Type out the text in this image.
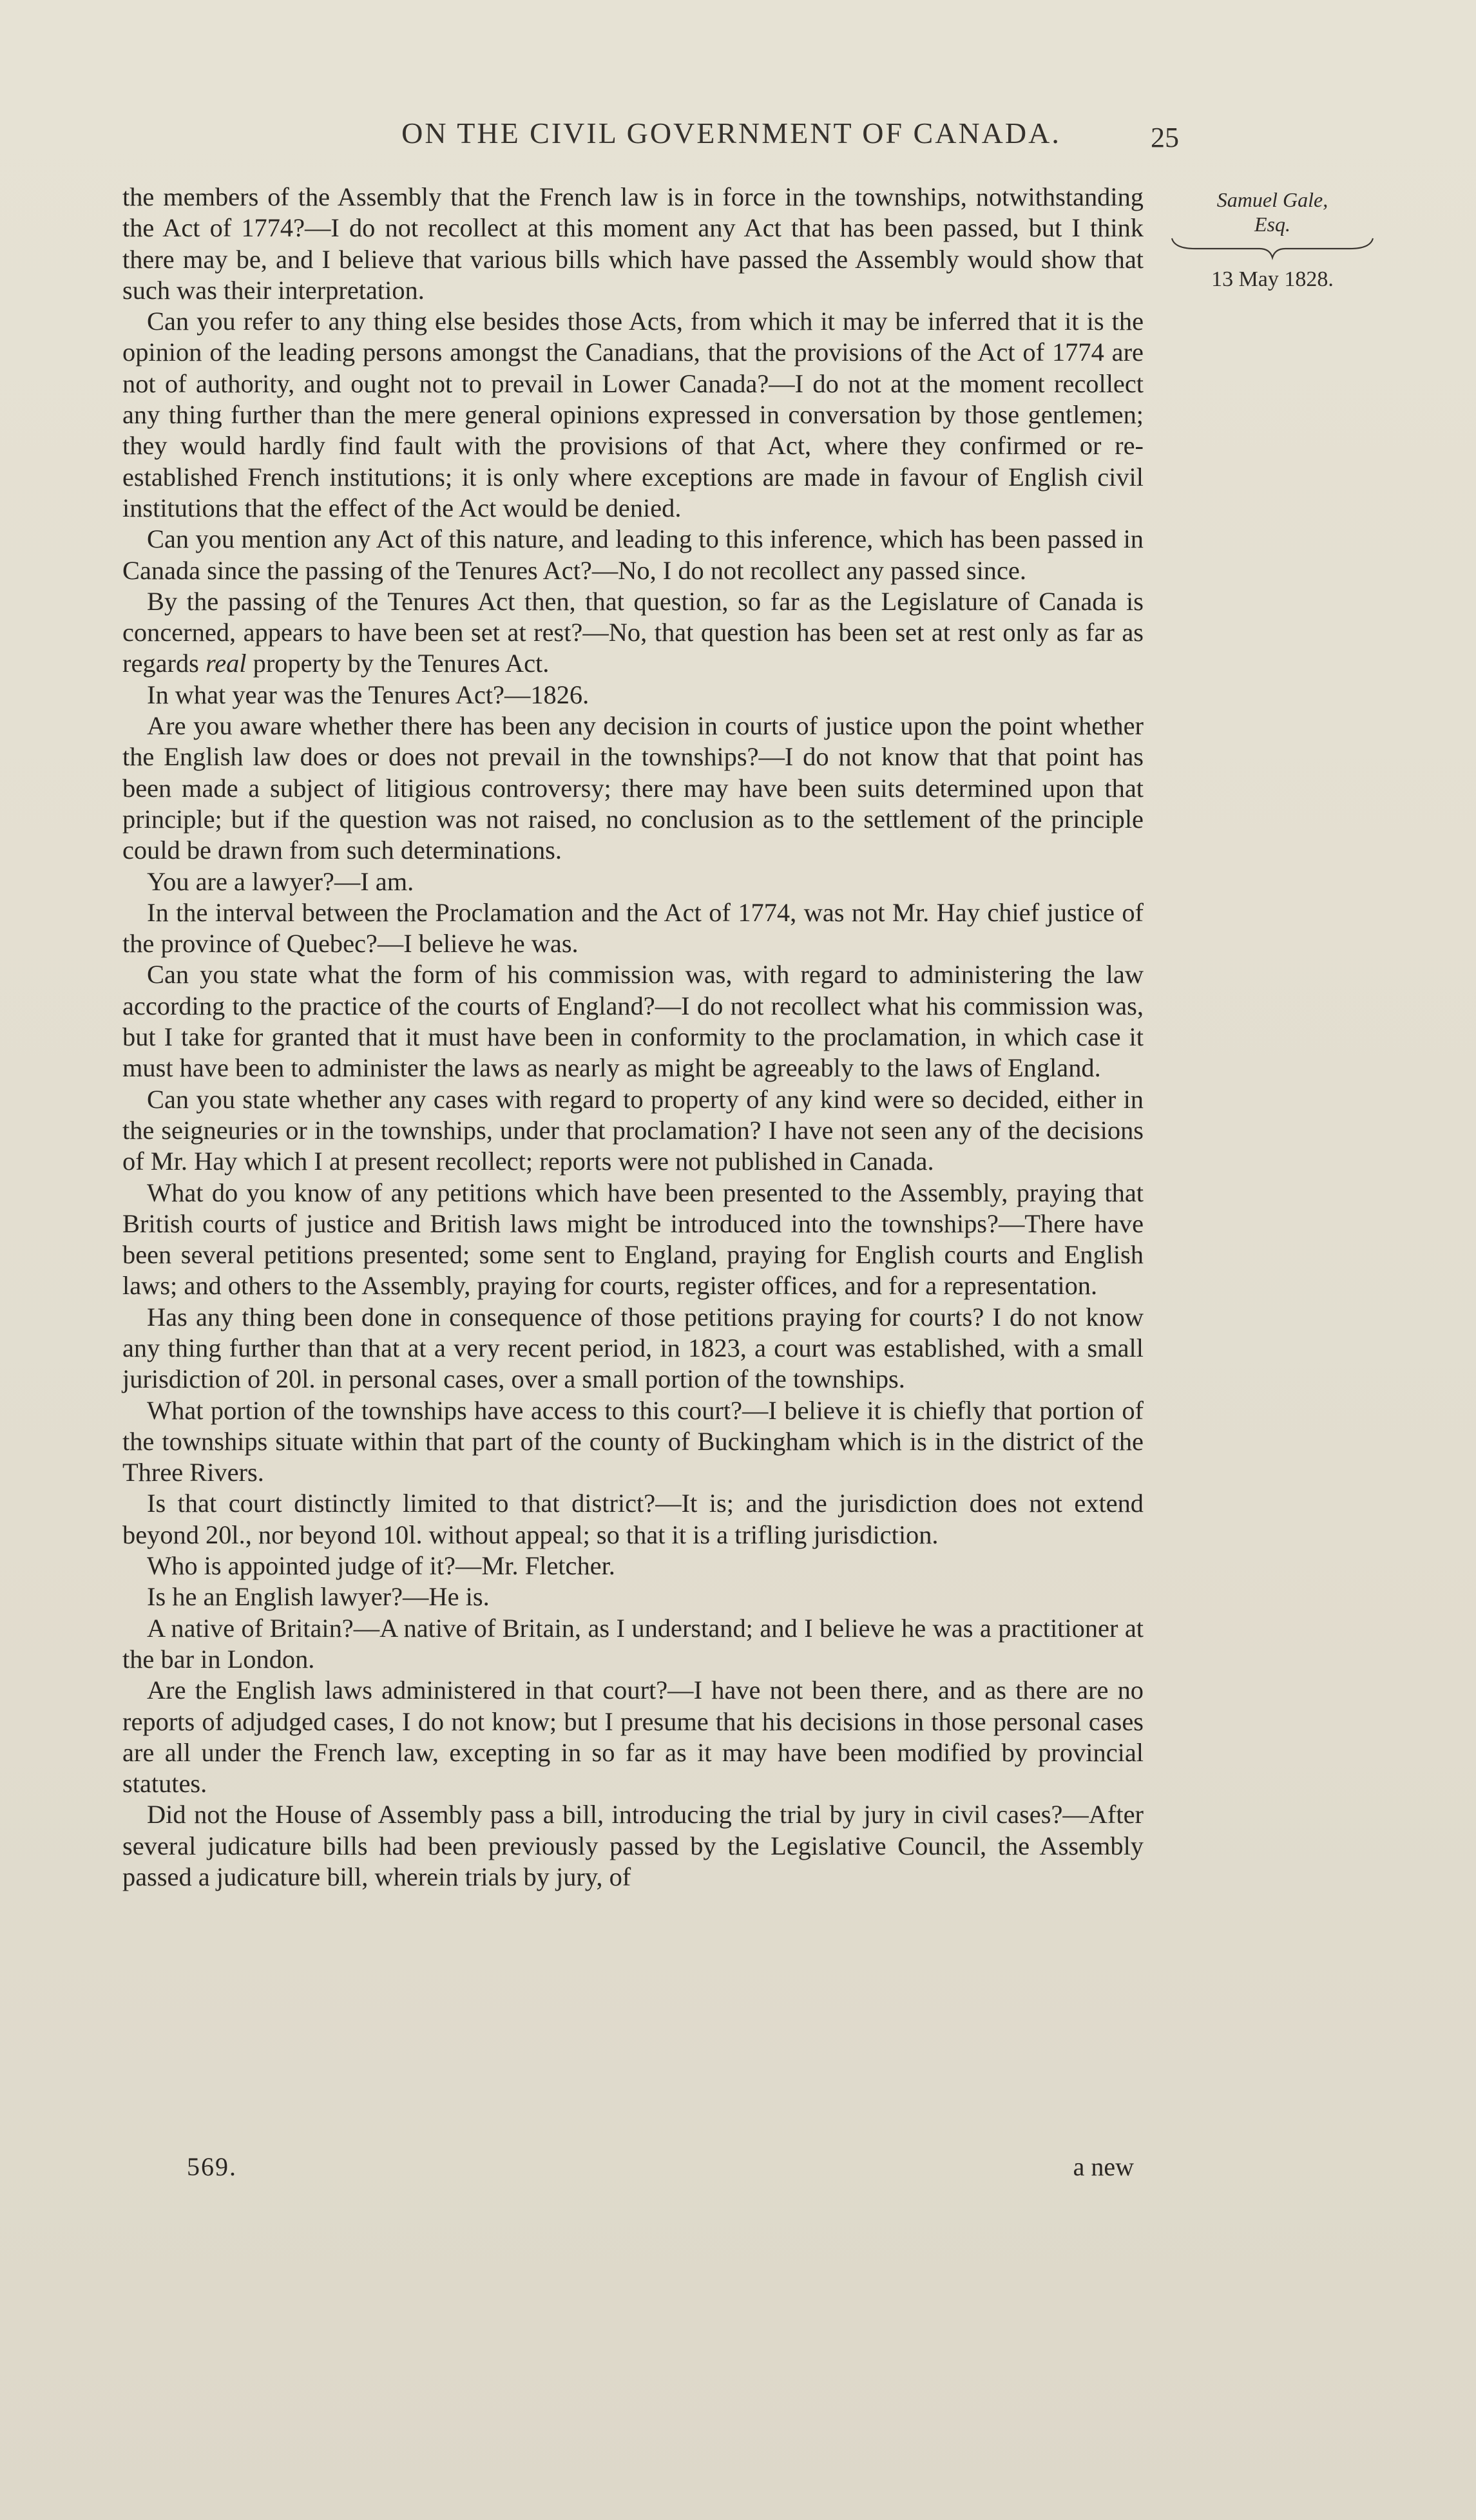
ON THE CIVIL GOVERNMENT OF CANADA.	25
Samuel Gale,
Esq.
13 May 1828.

the members of the Assembly that the French law is in force in the townships, notwithstanding the Act of 1774?—I do not recollect at this moment any Act that has been passed, but I think there may be, and I believe that various bills which have passed the Assembly would show that such was their interpretation.

Can you refer to any thing else besides those Acts, from which it may be inferred that it is the opinion of the leading persons amongst the Canadians, that the provisions of the Act of 1774 are not of authority, and ought not to prevail in Lower Canada?—I do not at the moment recollect any thing further than the mere general opinions expressed in conversation by those gentlemen; they would hardly find fault with the provisions of that Act, where they confirmed or re-established French institutions; it is only where exceptions are made in favour of English civil institutions that the effect of the Act would be denied.

Can you mention any Act of this nature, and leading to this inference, which has been passed in Canada since the passing of the Tenures Act?—No, I do not recollect any passed since.

By the passing of the Tenures Act then, that question, so far as the Legislature of Canada is concerned, appears to have been set at rest?—No, that question has been set at rest only as far as regards real property by the Tenures Act.

In what year was the Tenures Act?—1826.

Are you aware whether there has been any decision in courts of justice upon the point whether the English law does or does not prevail in the townships?—I do not know that that point has been made a subject of litigious controversy; there may have been suits determined upon that principle; but if the question was not raised, no conclusion as to the settlement of the principle could be drawn from such determinations.

You are a lawyer?—I am.

In the interval between the Proclamation and the Act of 1774, was not Mr. Hay chief justice of the province of Quebec?—I believe he was.

Can you state what the form of his commission was, with regard to administering the law according to the practice of the courts of England?—I do not recollect what his commission was, but I take for granted that it must have been in conformity to the proclamation, in which case it must have been to administer the laws as nearly as might be agreeably to the laws of England.

Can you state whether any cases with regard to property of any kind were so decided, either in the seigneuries or in the townships, under that proclamation? I have not seen any of the decisions of Mr. Hay which I at present recollect; reports were not published in Canada.

What do you know of any petitions which have been presented to the Assembly, praying that British courts of justice and British laws might be introduced into the townships?—There have been several petitions presented; some sent to England, praying for English courts and English laws; and others to the Assembly, praying for courts, register offices, and for a representation.

Has any thing been done in consequence of those petitions praying for courts? I do not know any thing further than that at a very recent period, in 1823, a court was established, with a small jurisdiction of 20l. in personal cases, over a small portion of the townships.

What portion of the townships have access to this court?—I believe it is chiefly that portion of the townships situate within that part of the county of Buckingham which is in the district of the Three Rivers.

Is that court distinctly limited to that district?—It is; and the jurisdiction does not extend beyond 20l., nor beyond 10l. without appeal; so that it is a trifling jurisdiction.

Who is appointed judge of it?—Mr. Fletcher.

Is he an English lawyer?—He is.

A native of Britain?—A native of Britain, as I understand; and I believe he was a practitioner at the bar in London.

Are the English laws administered in that court?—I have not been there, and as there are no reports of adjudged cases, I do not know; but I presume that his decisions in those personal cases are all under the French law, excepting in so far as it may have been modified by provincial statutes.

Did not the House of Assembly pass a bill, introducing the trial by jury in civil cases?—After several judicature bills had been previously passed by the Legislative Council, the Assembly passed a judicature bill, wherein trials by jury, of

569.	a new
